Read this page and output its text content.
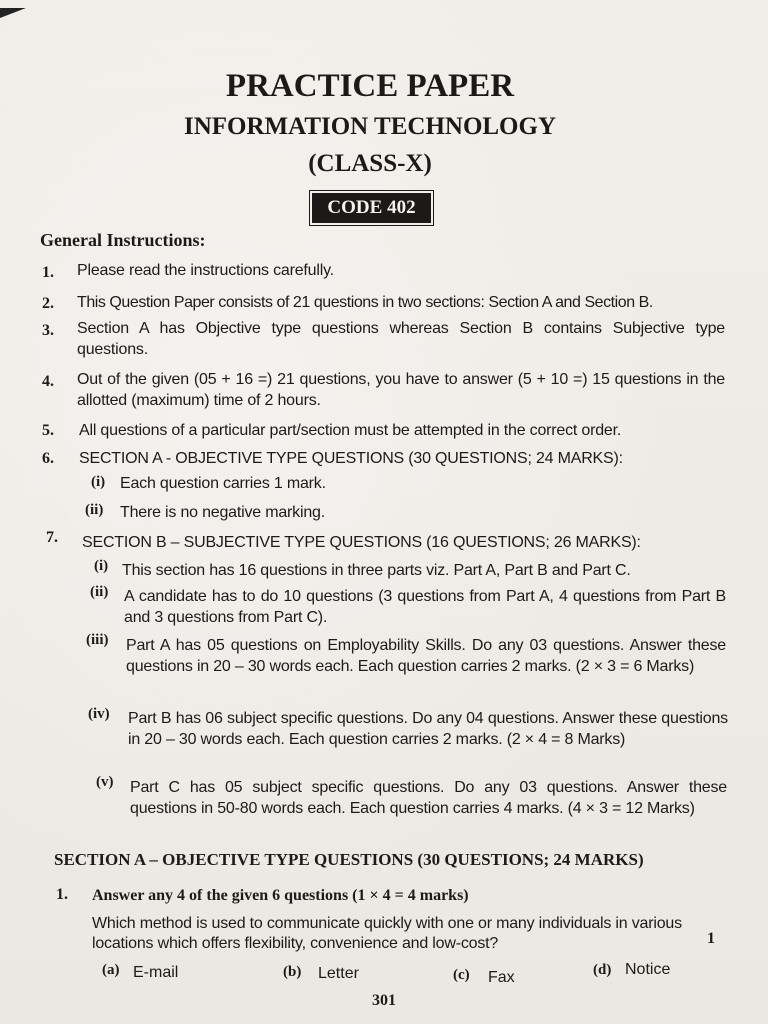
PRACTICE PAPER
INFORMATION TECHNOLOGY
(CLASS-X)
CODE 402
General Instructions:
1. Please read the instructions carefully.
2. This Question Paper consists of 21 questions in two sections: Section A and Section B.
3. Section A has Objective type questions whereas Section B contains Subjective type questions.
4. Out of the given (05 + 16 =) 21 questions, you have to answer (5 + 10 =) 15 questions in the allotted (maximum) time of 2 hours.
5. All questions of a particular part/section must be attempted in the correct order.
6. SECTION A - OBJECTIVE TYPE QUESTIONS (30 QUESTIONS; 24 MARKS):
(i) Each question carries 1 mark.
(ii) There is no negative marking.
7. SECTION B – SUBJECTIVE TYPE QUESTIONS (16 QUESTIONS; 26 MARKS):
(i) This section has 16 questions in three parts viz. Part A, Part B and Part C.
(ii) A candidate has to do 10 questions (3 questions from Part A, 4 questions from Part B and 3 questions from Part C).
(iii) Part A has 05 questions on Employability Skills. Do any 03 questions. Answer these questions in 20 – 30 words each. Each question carries 2 marks. (2 × 3 = 6 Marks)
(iv) Part B has 06 subject specific questions. Do any 04 questions. Answer these questions in 20 – 30 words each. Each question carries 2 marks. (2 × 4 = 8 Marks)
(v) Part C has 05 subject specific questions. Do any 03 questions. Answer these questions in 50-80 words each. Each question carries 4 marks. (4 × 3 = 12 Marks)
SECTION A – OBJECTIVE TYPE QUESTIONS (30 QUESTIONS; 24 MARKS)
1. Answer any 4 of the given 6 questions (1 × 4 = 4 marks)
Which method is used to communicate quickly with one or many individuals in various locations which offers flexibility, convenience and low-cost?	1
(a) E-mail	(b) Letter	(c) Fax	(d) Notice
301
